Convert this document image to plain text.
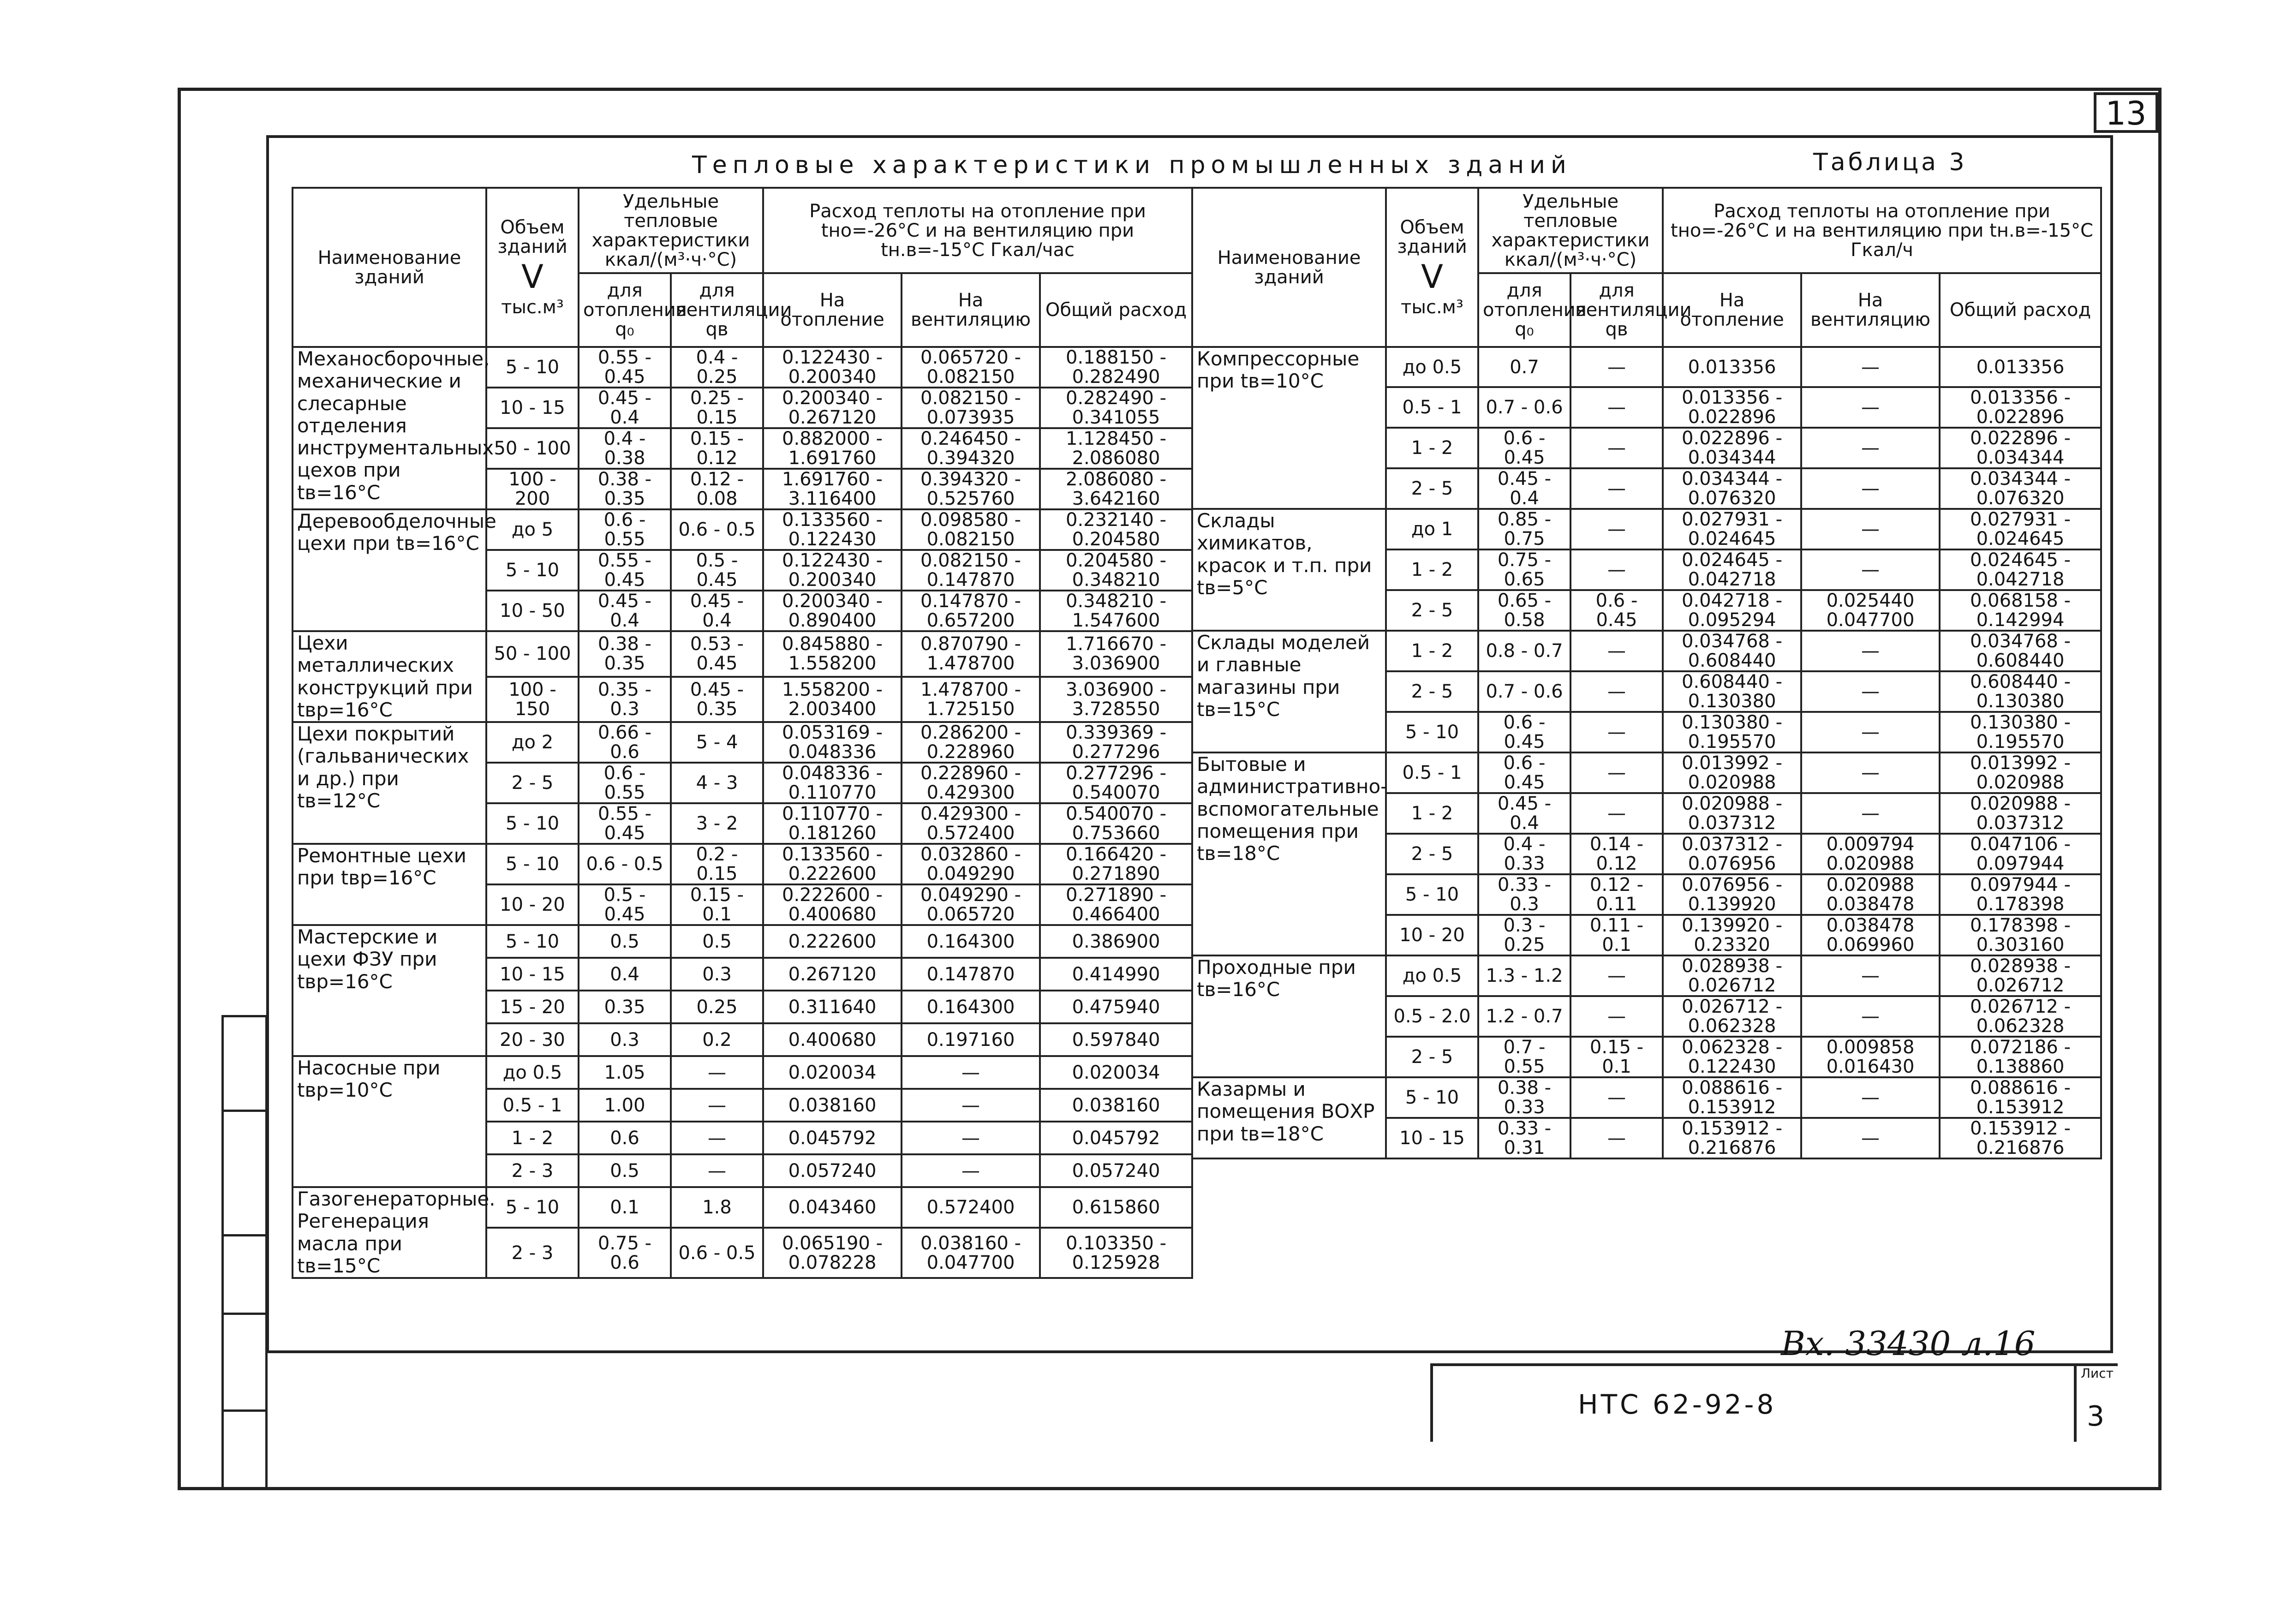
13
Тепловые характеристики промышленных зданий	Таблица 3
Наименование зданий	Объем зданий
V
тыс.м³	Удельные тепловые характеристики ккал/(м³·ч·°С)		Расход теплоты на отопление при tно=-26°С и на вентиляцию при tн.в=-15°С Гкал/час		
		для отопления q₀	для вентиляции qв	На отопление	На вентиляцию	Общий расход
Механосборочные, механические и слесарные отделения инструментальных цехов при tв=16°С	5 - 10	0.55 - 0.45	0.4 - 0.25	0.122430 - 0.200340	0.065720 - 0.082150	0.188150 - 0.282490
	10 - 15	0.45 - 0.4	0.25 - 0.15	0.200340 - 0.267120	0.082150 - 0.073935	0.282490 - 0.341055
	50 - 100	0.4 - 0.38	0.15 - 0.12	0.882000 - 1.691760	0.246450 - 0.394320	1.128450 - 2.086080
	100 - 200	0.38 - 0.35	0.12 - 0.08	1.691760 - 3.116400	0.394320 - 0.525760	2.086080 - 3.642160
Деревообделочные цехи при tв=16°С	до 5	0.6 - 0.55	0.6 - 0.5	0.133560 - 0.122430	0.098580 - 0.082150	0.232140 - 0.204580
	5 - 10	0.55 - 0.45	0.5 - 0.45	0.122430 - 0.200340	0.082150 - 0.147870	0.204580 - 0.348210
	10 - 50	0.45 - 0.4	0.45 - 0.4	0.200340 - 0.890400	0.147870 - 0.657200	0.348210 - 1.547600
Цехи металлических конструкций при tвр=16°С	50 - 100	0.38 - 0.35	0.53 - 0.45	0.845880 - 1.558200	0.870790 - 1.478700	1.716670 - 3.036900
	100 - 150	0.35 - 0.3	0.45 - 0.35	1.558200 - 2.003400	1.478700 - 1.725150	3.036900 - 3.728550
Цехи покрытий (гальванических и др.) при tв=12°С	до 2	0.66 - 0.6	5 - 4	0.053169 - 0.048336	0.286200 - 0.228960	0.339369 - 0.277296
	2 - 5	0.6 - 0.55	4 - 3	0.048336 - 0.110770	0.228960 - 0.429300	0.277296 - 0.540070
	5 - 10	0.55 - 0.45	3 - 2	0.110770 - 0.181260	0.429300 - 0.572400	0.540070 - 0.753660
Ремонтные цехи при tвр=16°С	5 - 10	0.6 - 0.5	0.2 - 0.15	0.133560 - 0.222600	0.032860 - 0.049290	0.166420 - 0.271890
	10 - 20	0.5 - 0.45	0.15 - 0.1	0.222600 - 0.400680	0.049290 - 0.065720	0.271890 - 0.466400
Мастерские и цехи ФЗУ при tвр=16°С	5 - 10	0.5	0.5	0.222600	0.164300	0.386900
	10 - 15	0.4	0.3	0.267120	0.147870	0.414990
	15 - 20	0.35	0.25	0.311640	0.164300	0.475940
	20 - 30	0.3	0.2	0.400680	0.197160	0.597840
Насосные при tвр=10°С	до 0.5	1.05	—	0.020034	—	0.020034
	0.5 - 1	1.00	—	0.038160	—	0.038160
	1 - 2	0.6	—	0.045792	—	0.045792
	2 - 3	0.5	—	0.057240	—	0.057240
Газогенераторные. Регенерация масла при tв=15°С	5 - 10	0.1	1.8	0.043460	0.572400	0.615860
	2 - 3	0.75 - 0.6	0.6 - 0.5	0.065190 - 0.078228	0.038160 - 0.047700	0.103350 - 0.125928
Наименование зданий	Объем зданий
V
тыс.м³	Удельные тепловые характеристики ккал/(м³·ч·°С)		Расход теплоты на отопление при tно=-26°С и на вентиляцию при tн.в=-15°С Гкал/ч		
		для отопления q₀	для вентиляции qв	На отопление	На вентиляцию	Общий расход
Компрессорные при tв=10°С	до 0.5	0.7	—	0.013356	—	0.013356
	0.5 - 1	0.7 - 0.6	—	0.013356 - 0.022896	—	0.013356 - 0.022896
	1 - 2	0.6 - 0.45	—	0.022896 - 0.034344	—	0.022896 - 0.034344
	2 - 5	0.45 - 0.4	—	0.034344 - 0.076320	—	0.034344 - 0.076320
Склады химикатов, красок и т.п. при tв=5°С	до 1	0.85 - 0.75	—	0.027931 - 0.024645	—	0.027931 - 0.024645
	1 - 2	0.75 - 0.65	—	0.024645 - 0.042718	—	0.024645 - 0.042718
	2 - 5	0.65 - 0.58	0.6 - 0.45	0.042718 - 0.095294	0.025440 0.047700	0.068158 - 0.142994
Склады моделей и главные магазины при tв=15°С	1 - 2	0.8 - 0.7	—	0.034768 - 0.608440	—	0.034768 - 0.608440
	2 - 5	0.7 - 0.6	—	0.608440 - 0.130380	—	0.608440 - 0.130380
	5 - 10	0.6 - 0.45	—	0.130380 - 0.195570	—	0.130380 - 0.195570
Бытовые и административно-вспомогательные помещения при tв=18°С	0.5 - 1	0.6 - 0.45	—	0.013992 - 0.020988	—	0.013992 - 0.020988
	1 - 2	0.45 - 0.4	—	0.020988 - 0.037312	—	0.020988 - 0.037312
	2 - 5	0.4 - 0.33	0.14 - 0.12	0.037312 - 0.076956	0.009794 0.020988	0.047106 - 0.097944
	5 - 10	0.33 - 0.3	0.12 - 0.11	0.076956 - 0.139920	0.020988 0.038478	0.097944 - 0.178398
	10 - 20	0.3 - 0.25	0.11 - 0.1	0.139920 - 0.23320	0.038478 0.069960	0.178398 - 0.303160
Проходные при tв=16°С	до 0.5	1.3 - 1.2	—	0.028938 - 0.026712	—	0.028938 - 0.026712
	0.5 - 2.0	1.2 - 0.7	—	0.026712 - 0.062328	—	0.026712 - 0.062328
	2 - 5	0.7 - 0.55	0.15 - 0.1	0.062328 - 0.122430	0.009858 0.016430	0.072186 - 0.138860
Казармы и помещения ВОХР при tв=18°С	5 - 10	0.38 - 0.33	—	0.088616 - 0.153912	—	0.088616 - 0.153912
	10 - 15	0.33 - 0.31	—	0.153912 - 0.216876	—	0.153912 - 0.216876
Вх. 33430 л.16
НТС 62-92-8
Лист
3
